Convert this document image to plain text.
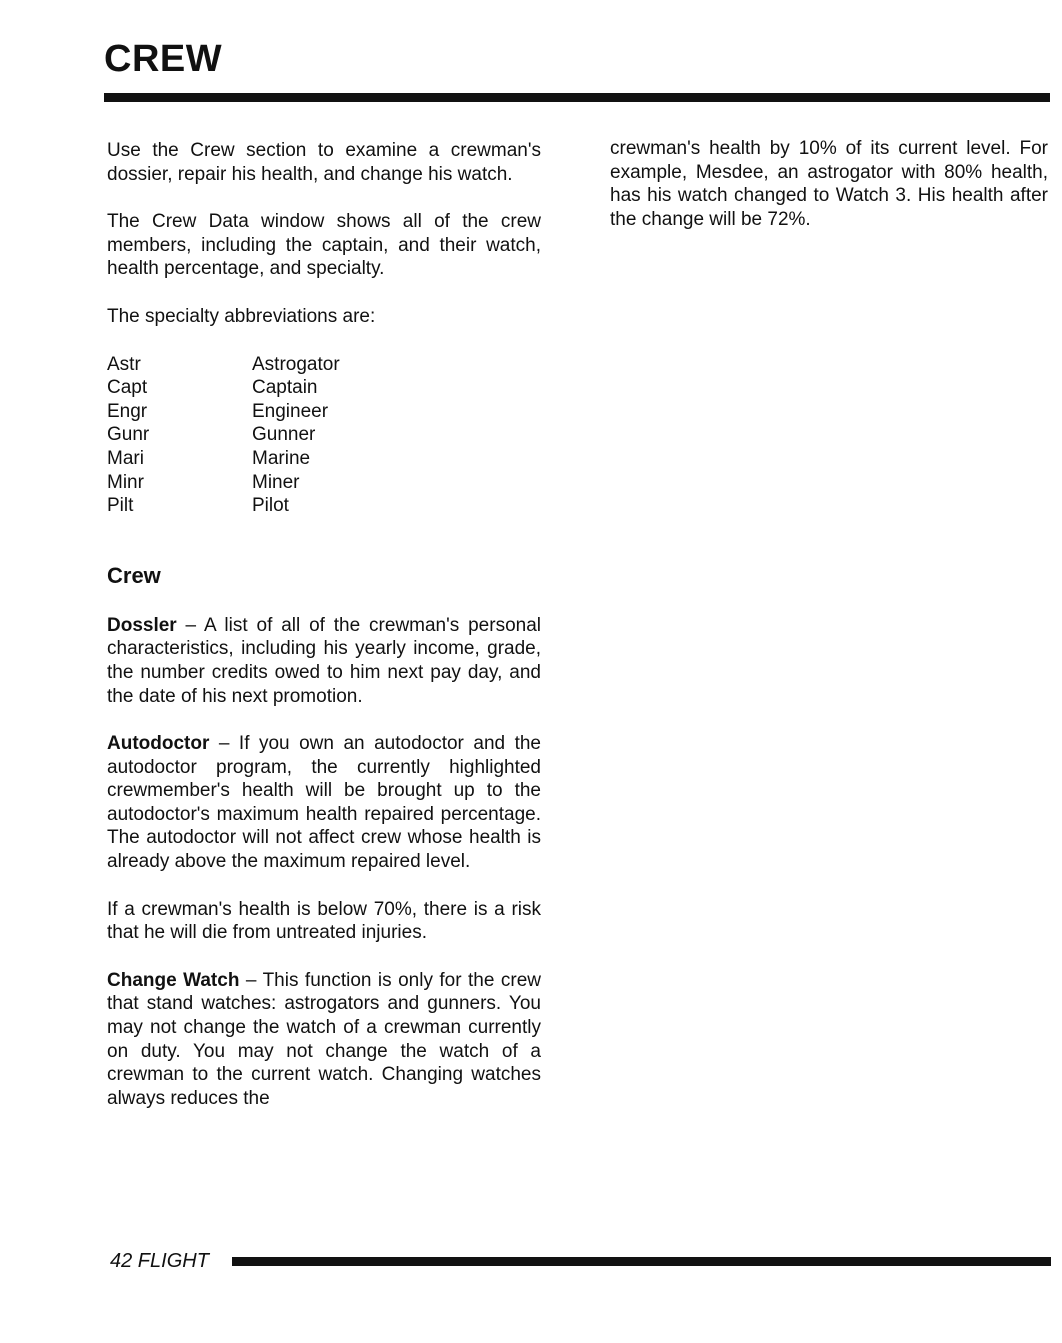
CREW

Use the Crew section to examine a crewman's dossier, repair his health, and change his watch.

The Crew Data window shows all of the crew members, including the captain, and their watch, health percentage, and specialty.

The specialty abbreviations are:

Astr	Astrogator
Capt	Captain
Engr	Engineer
Gunr	Gunner
Mari	Marine
Minr	Miner
Pilt	Pilot
Crew

Dossler – A list of all of the crewman's personal characteristics, including his yearly income, grade, the number credits owed to him next pay day, and the date of his next promotion.

Autodoctor – If you own an autodoctor and the autodoctor program, the currently highlighted crewmember's health will be brought up to the autodoctor's maximum health repaired percentage. The autodoctor will not affect crew whose health is already above the maximum repaired level.

If a crewman's health is below 70%, there is a risk that he will die from untreated injuries.

Change Watch – This function is only for the crew that stand watches: astrogators and gunners. You may not change the watch of a crewman currently on duty. You may not change the watch of a crewman to the current watch. Changing watches always reduces the

crewman's health by 10% of its current level. For example, Mesdee, an astrogator with 80% health, has his watch changed to Watch 3. His health after the change will be 72%.

42 FLIGHT
